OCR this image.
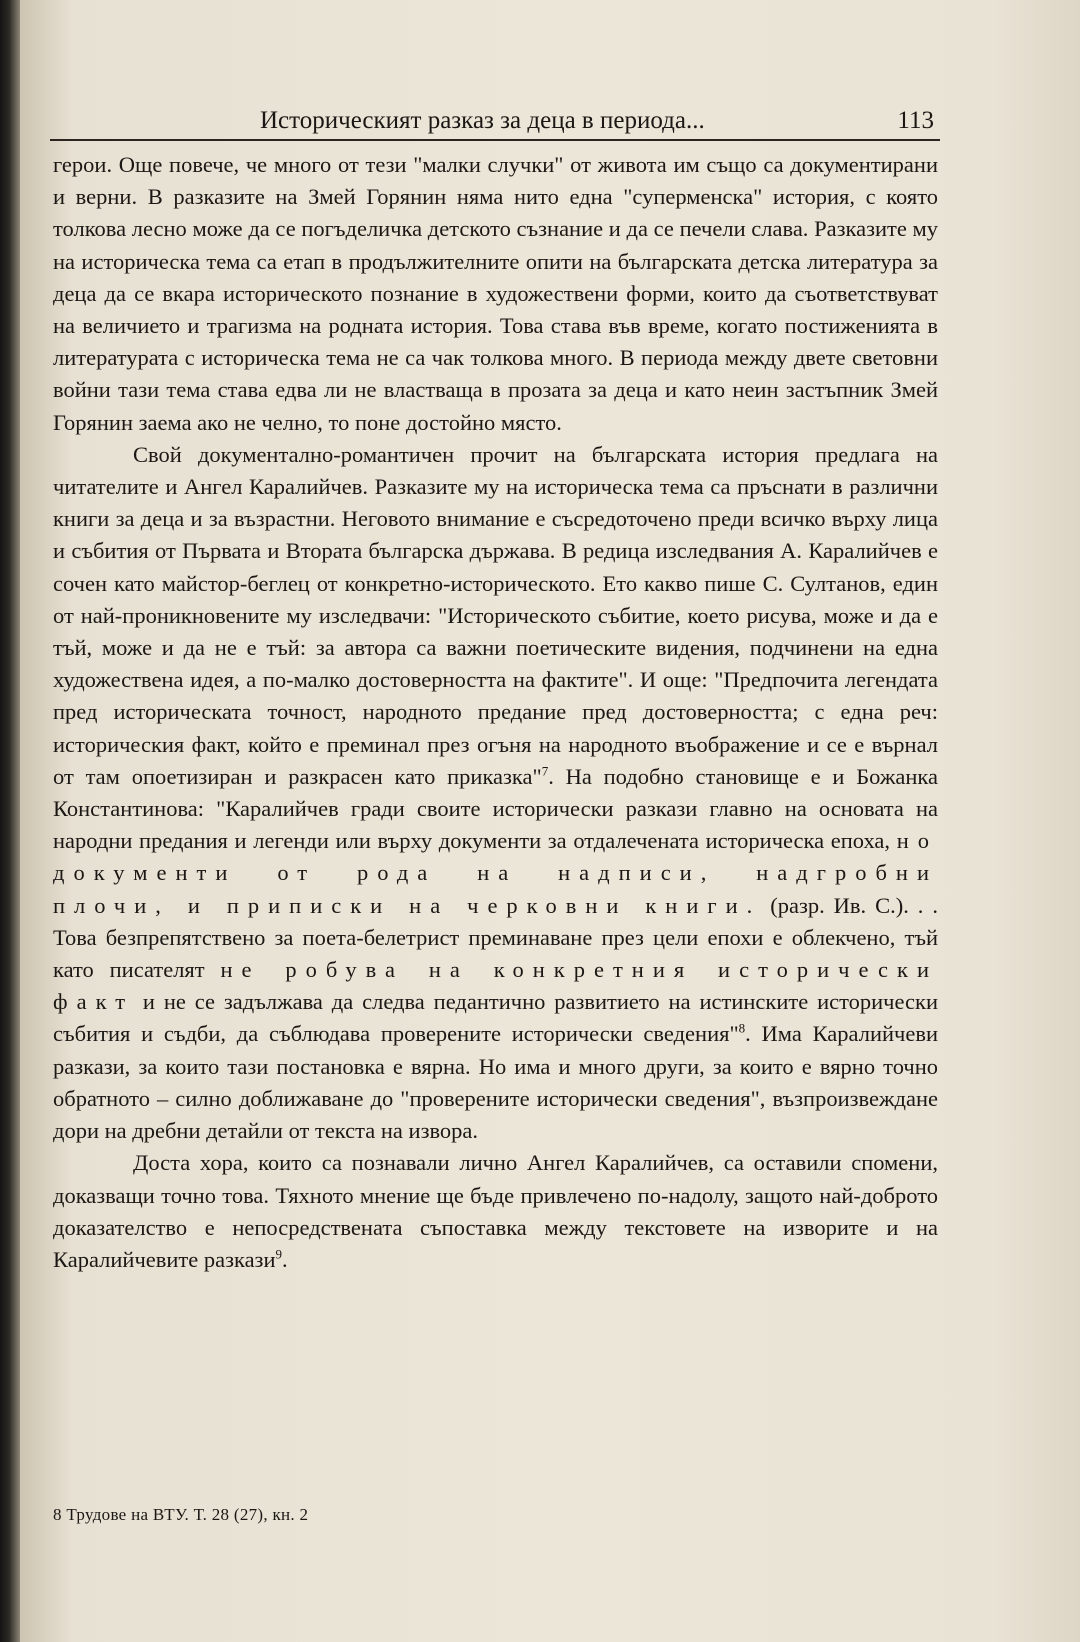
Историческият разказ за деца в периода...	113

герои. Още повече, че много от тези "малки случки" от живота им също са документирани и верни. В разказите на Змей Горянин няма нито една "суперменска" история, с която толкова лесно може да се погъделичка детското съзнание и да се печели слава. Разказите му на историческа тема са етап в продължителните опити на българската детска литература за деца да се вкара историческото познание в художествени форми, които да съответствуват на величието и трагизма на родната история. Това става във време, когато постиженията в литературата с историческа тема не са чак толкова много. В периода между двете световни войни тази тема става едва ли не властваща в прозата за деца и като неин застъпник Змей Горянин заема ако не челно, то поне достойно място.

Свой документално-романтичен прочит на българската история предлага на читателите и Ангел Каралийчев. Разказите му на историческа тема са пръснати в различни книги за деца и за възрастни. Неговото внимание е съсредоточено преди всичко върху лица и събития от Първата и Втората българска държава. В редица изследвания А. Каралийчев е сочен като майстор-беглец от конкретно-историческото. Ето какво пише С. Султанов, един от най-проникновените му изследвачи: "Историческото събитие, което рисува, може и да е тъй, може и да не е тъй: за автора са важни поетическите видения, подчинени на една художествена идея, а по-малко достоверността на фактите". И още: "Предпочита легендата пред историческата точност, народното предание пред достоверността; с една реч: историческия факт, който е преминал през огъня на народното въображение и се е върнал от там опоетизиран и разкрасен като приказка"$^7$. На подобно становище е и Божанка Константинова: "Каралийчев гради своите исторически разкази главно на основата на народни предания и легенди или върху документи за отдалечената историческа епоха, но документи от рода на надписи, надгробни плочи, и приписки на черковни книги. (разр. Ив. С.). . . Това безпрепятствено за поета-белетрист преминаване през цели епохи е облекчено, тъй като писателят не робува на конкретния исторически факт и не се задължава да следва педантично развитието на истинските исторически събития и съдби, да съблюдава проверените исторически сведения"$^8$. Има Каралийчеви разкази, за които тази постановка е вярна. Но има и много други, за които е вярно точно обратното – силно доближаване до "проверените исторически сведения", възпроизвеждане дори на дребни детайли от текста на извора.

Доста хора, които са познавали лично Ангел Каралийчев, са оставили спомени, доказващи точно това. Тяхното мнение ще бъде привлечено по-надолу, защото най-доброто доказателство е непосредствената съпоставка между текстовете на изворите и на Каралийчевите разкази$^9$.

8 Трудове на ВТУ. Т. 28 (27), кн. 2
